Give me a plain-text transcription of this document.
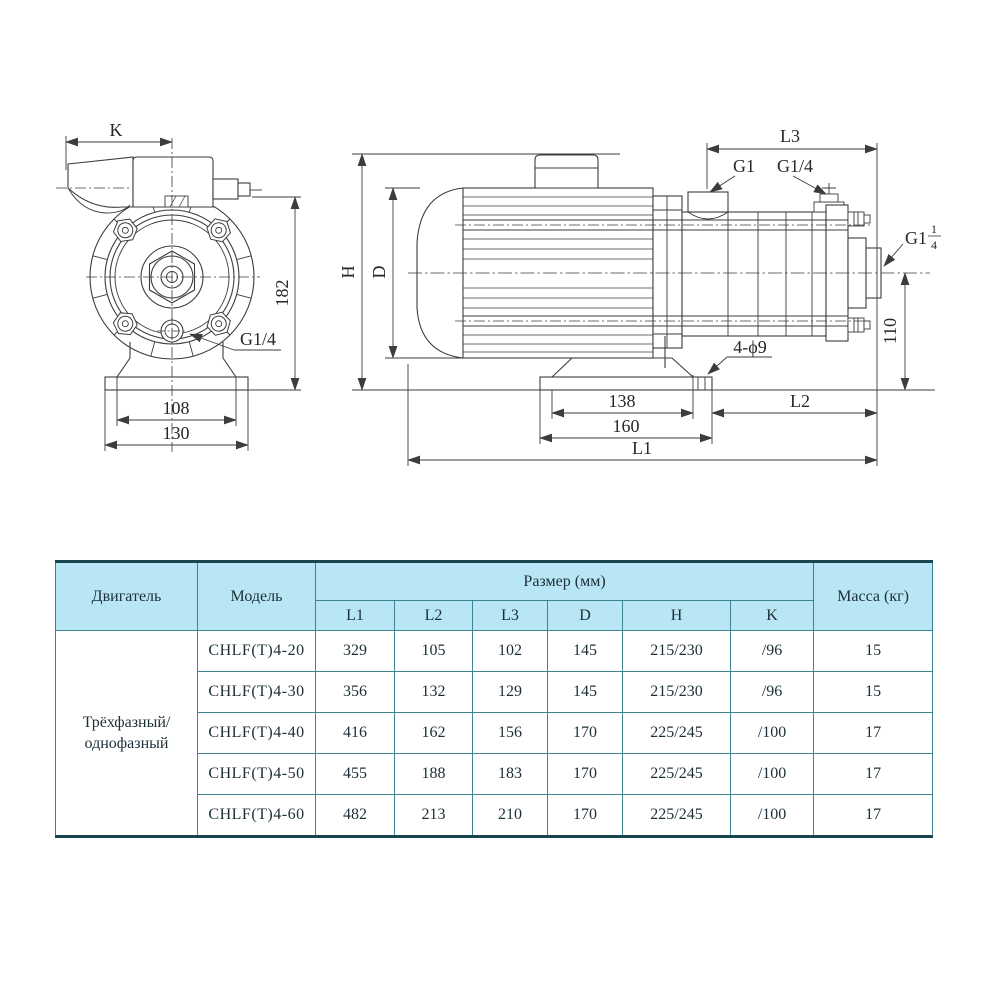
K
182
G1/4
108
130
H D
L3
G1 G1/4
G1 1
4
110
4-ϕ9
138	L2
160
L1
Двигатель	Модель	Размер (мм)						Масса (кг)
		L1	L2	L3	D	H	K	

Трёхфазный/
однофазный	CHLF(T)4-20	329	105	102	145	215/230	/96	15
	CHLF(T)4-30	356	132	129	145	215/230	/96	15
	CHLF(T)4-40	416	162	156	170	225/245	/100	17
	CHLF(T)4-50	455	188	183	170	225/245	/100	17
	CHLF(T)4-60	482	213	210	170	225/245	/100	17
